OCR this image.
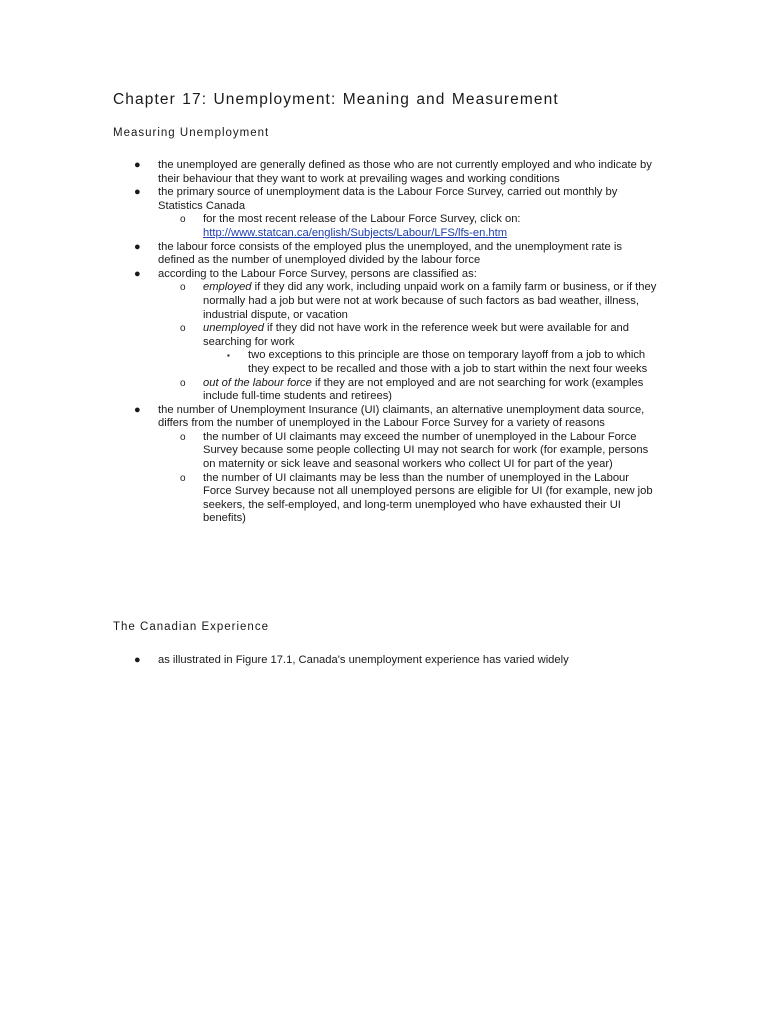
Chapter 17: Unemployment: Meaning and Measurement
Measuring Unemployment
● the unemployed are generally defined as those who are not currently employed and who indicate by their behaviour that they want to work at prevailing wages and working conditions
● the primary source of unemployment data is the Labour Force Survey, carried out monthly by Statistics Canada
o for the most recent release of the Labour Force Survey, click on:
http://www.statcan.ca/english/Subjects/Labour/LFS/lfs-en.htm
● the labour force consists of the employed plus the unemployed, and the unemployment rate is defined as the number of unemployed divided by the labour force
● according to the Labour Force Survey, persons are classified as:
o employed if they did any work, including unpaid work on a family farm or business, or if they normally had a job but were not at work because of such factors as bad weather, illness, industrial dispute, or vacation
o unemployed if they did not have work in the reference week but were available for and searching for work
▪ two exceptions to this principle are those on temporary layoff from a job to which they expect to be recalled and those with a job to start within the next four weeks
o out of the labour force if they are not employed and are not searching for work (examples include full-time students and retirees)
● the number of Unemployment Insurance (UI) claimants, an alternative unemployment data source, differs from the number of unemployed in the Labour Force Survey for a variety of reasons
o the number of UI claimants may exceed the number of unemployed in the Labour Force Survey because some people collecting UI may not search for work (for example, persons on maternity or sick leave and seasonal workers who collect UI for part of the year)
o the number of UI claimants may be less than the number of unemployed in the Labour Force Survey because not all unemployed persons are eligible for UI (for example, new job seekers, the self-employed, and long-term unemployed who have exhausted their UI benefits)
The Canadian Experience
● as illustrated in Figure 17.1, Canada's unemployment experience has varied widely
